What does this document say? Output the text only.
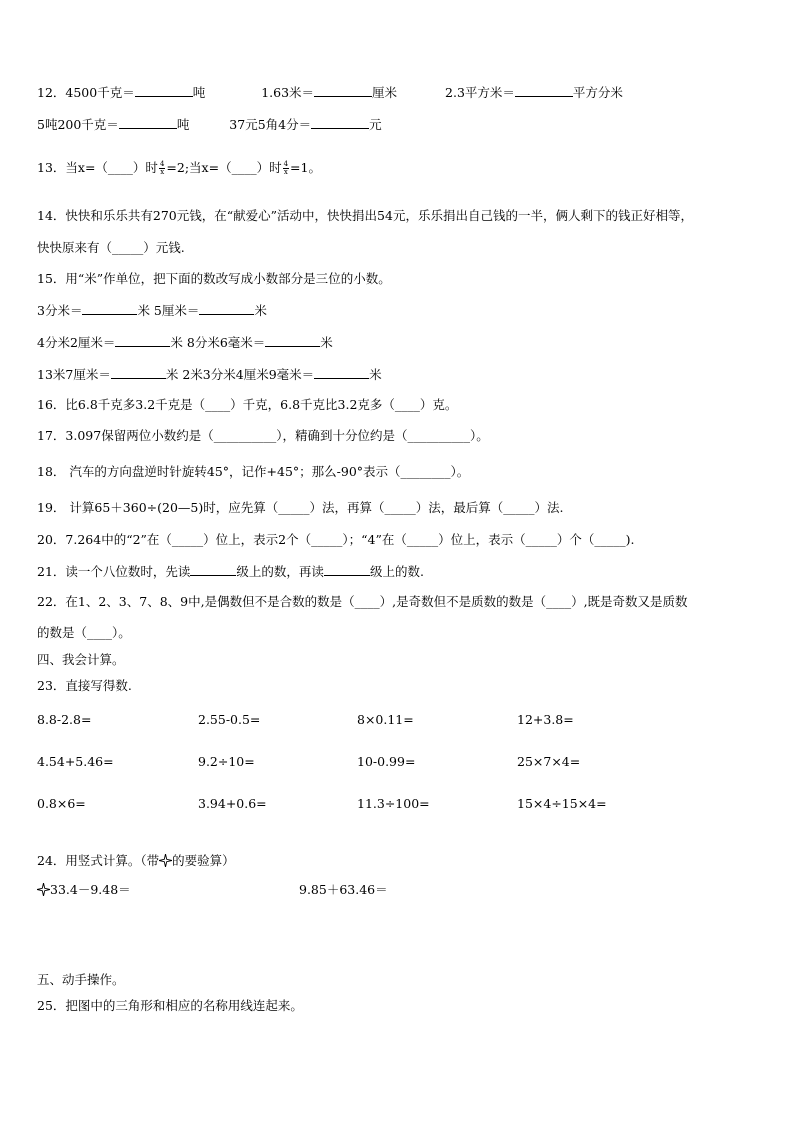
12．4500千克＝	吨	1.63米＝	厘米	2.3平方米＝	平方分米
5吨200千克＝	吨	37元5角4分＝	元
13．当x=（____）时 $\frac{4}{x} =2$;当x=（____）时 $\frac{4}{x} =1$。
14．快快和乐乐共有270元钱，在“献爱心”活动中，快快捐出54元，乐乐捐出自己钱的一半，俩人剩下的钱正好相等，
快快原来有（_____）元钱.
15．用“米”作单位，把下面的数改写成小数部分是三位的小数。
3分米＝	米 5厘米＝	米
4分米2厘米＝	米 8分米6毫米＝	米
13米7厘米＝	米 2米3分米4厘米9毫米＝	米
16．比6.8千克多3.2千克是（____）千克，6.8千克比3.2克多（____）克。
17．3.097保留两位小数约是（__________），精确到十分位约是（__________）。
18． 汽车的方向盘逆时针旋转45°，记作+45°；那么-90°表示（________）。
19． 计算65＋360÷(20—5)时，应先算（_____）法，再算（_____）法，最后算（_____）法.
20．7.264中的“2”在（_____）位上，表示2个（_____）；“4”在（_____）位上，表示（_____）个（_____).
21．读一个八位数时，先读	级上的数，再读	级上的数.
22．在1、2、3、7、8、9中,是偶数但不是合数的数是（____）,是奇数但不是质数的数是（____）,既是奇数又是质数
的数是（____）。
四、我会计算。
23．直接写得数.
8.8-2.8=	2.55-0.5=	8×0.11=	12+3.8=
4.54+5.46=	9.2÷10=	10-0.99=	25×7×4=
0.8×6=	3.94+0.6=	11.3÷100=	15×4÷15×4=
24．用竖式计算。（带 的要验算）
33.4－9.48＝	9.85＋63.46＝
五、动手操作。
25．把图中的三角形和相应的名称用线连起来。
